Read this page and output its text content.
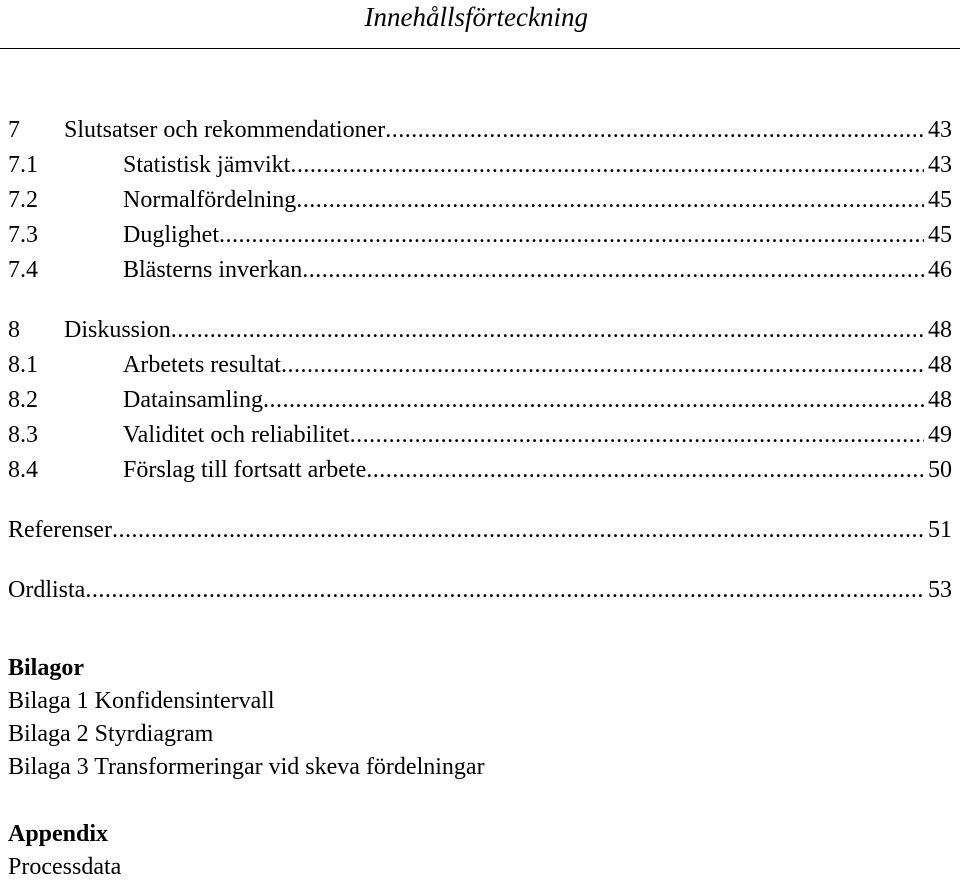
Innehållsförteckning
7	Slutsatser och rekommendationer .....	43
7.1	Statistisk jämvikt .....	43
7.2	Normalfördelning .....	45
7.3	Duglighet .....	45
7.4	Blästerns inverkan .....	46
8	Diskussion .....	48
8.1	Arbetets resultat .....	48
8.2	Datainsamling .....	48
8.3	Validitet och reliabilitet .....	49
8.4	Förslag till fortsatt arbete .....	50
Referenser .....	51
Ordlista .....	53
Bilagor
Bilaga 1 Konfidensintervall
Bilaga 2 Styrdiagram
Bilaga 3 Transformeringar vid skeva fördelningar
Appendix
Processdata
